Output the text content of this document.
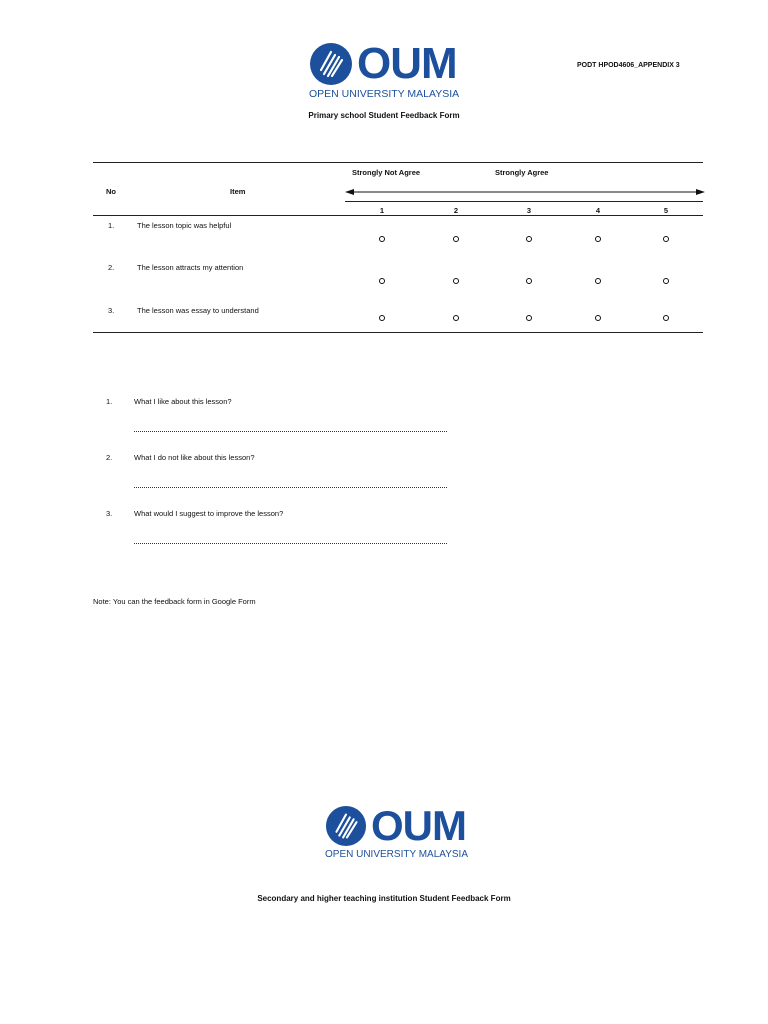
OUM
OPEN UNIVERSITY MALAYSIA
PODT HPOD4606_APPENDIX 3
Primary school Student Feedback Form
Strongly Not Agree	Strongly Agree
No	Item
1	2	3	4	5
1.	The lesson topic was helpful
2.	The lesson attracts my attention
3.	The lesson was essay to understand
1.	What I like about this lesson?
2.	What I do not like about this lesson?
3.	What would I suggest to improve the lesson?
Note: You can the feedback form in Google Form
OUM
OPEN UNIVERSITY MALAYSIA
Secondary and higher teaching institution Student Feedback Form
